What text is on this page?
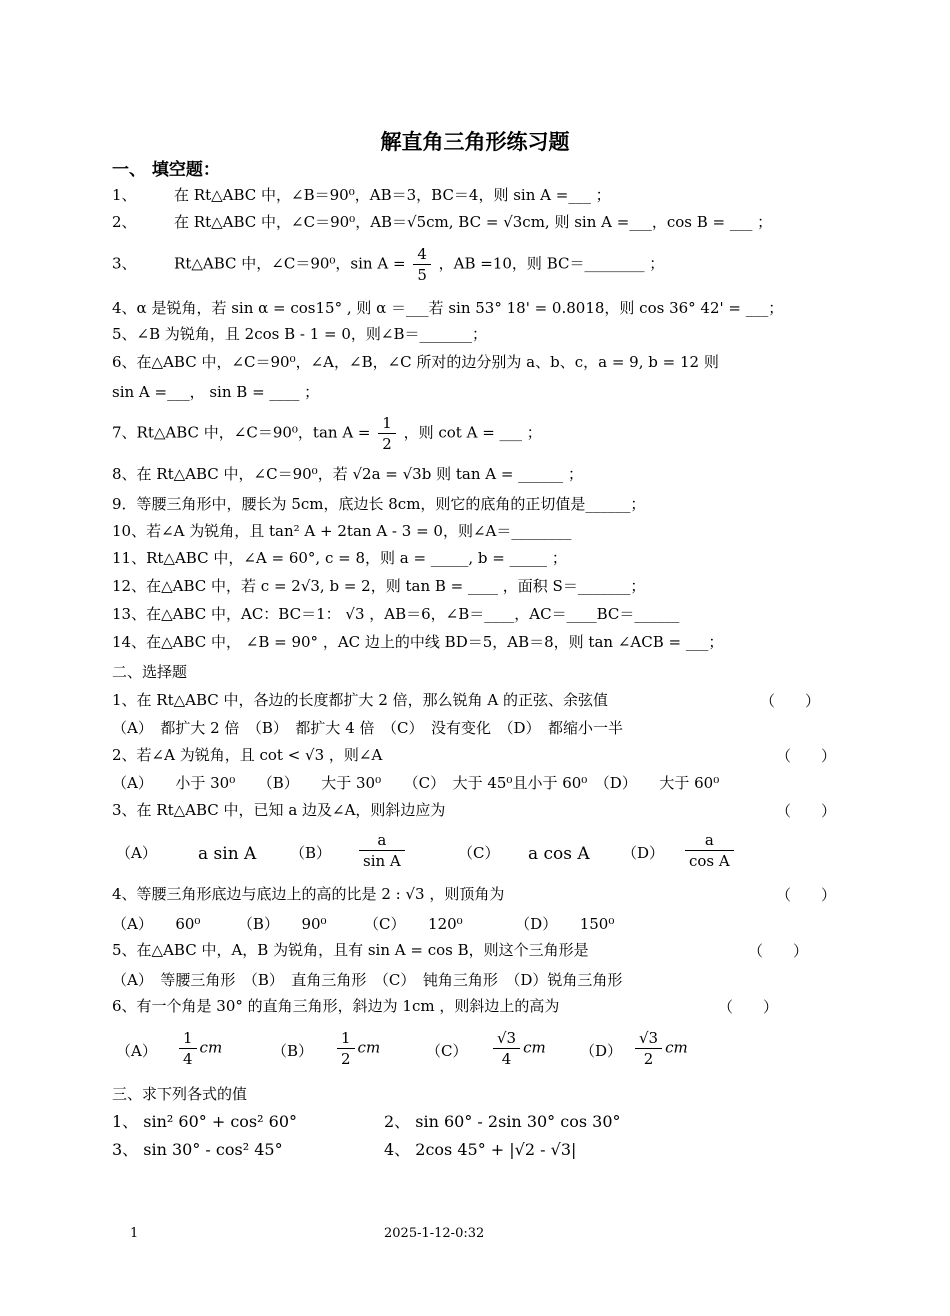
解直角三角形练习题
一、 填空题：
1、　　　在 Rt△ABC 中，∠B＝90⁰，AB＝3，BC＝4，则 sin A =___ ；
2、　　　在 Rt△ABC 中，∠C＝90⁰，AB＝√5cm, BC = √3cm, 则 sin A =___，cos B = ___ ；
3、　　　Rt△ABC 中，∠C＝90⁰，$\sin A = \frac{4}{5}$ ，AB =10，则 BC＝________ ；
4、α 是锐角，若 sin α = cos15° , 则 α ＝___若 sin 53° 18' = 0.8018，则 cos 36° 42' = ___；
5、∠B 为锐角，且 2cos B - 1 = 0，则∠B＝_______；
6、在△ABC 中，∠C＝90⁰，∠A，∠B，∠C 所对的边分别为 a、b、c，a = 9, b = 12 则
sin A =___， sin B = ____ ；
7、Rt△ABC 中，∠C＝90⁰，$\tan A = \frac{1}{2}$ ，则 cot A = ___ ；
8、在 Rt△ABC 中，∠C＝90⁰，若 √2a = √3b 则 tan A = ______ ；
9．等腰三角形中，腰长为 5cm，底边长 8cm，则它的底角的正切值是______；
10、若∠A 为锐角，且 tan² A + 2tan A - 3 = 0，则∠A＝________
11、Rt△ABC 中，∠A = 60°, c = 8，则 a = _____, b = _____ ；
12、在△ABC 中，若 c = 2√3, b = 2，则 tan B = ____ ，面积 S＝_______；
13、在△ABC 中，AC：BC＝1： √3 ，AB＝6，∠B＝____，AC＝____BC＝______
14、在△ABC 中， ∠B = 90° ，AC 边上的中线 BD＝5，AB＝8，则 tan ∠ACB = ___；
二、选择题
1、在 Rt△ABC 中，各边的长度都扩大 2 倍，那么锐角 A 的正弦、余弦值	（　　）
（A）　都扩大 2 倍　（B）　都扩大 4 倍　（C）　没有变化　（D）　都缩小一半
2、若∠A 为锐角，且 cot < √3 ，则∠A	（　　）
（A）　　小于 30⁰　　（B）　　大于 30⁰　　（C）　大于 45⁰且小于 60⁰　（D）　　大于 60⁰
3、在 Rt△ABC 中，已知 a 边及∠A，则斜边应为	（　　）
（A） a sin A $(B) \frac{a}{\text{sin A}}$	（C） a cos A $(D) \frac{a}{\text{cos A}}$
4、等腰三角形底边与底边上的高的比是 2 : √3 ，则顶角为	（　　）
（A）　　60⁰　　　（B）　　90⁰　　　（C）　　120⁰　　　　（D）　　150⁰
5、在△ABC 中，A，B 为锐角，且有 sin A = cos B，则这个三角形是	（　　）
（A）　等腰三角形　（B）　直角三角形　（C）　钝角三角形　（D）锐角三角形
6、有一个角是 30° 的直角三角形，斜边为 1cm ，则斜边上的高为	（　　）
$(A) \frac{1}{4}$ cm	$(B) \frac{1}{2}$ cm	$(C) \frac{√3}{4}$ cm $(D) \frac{√3}{2}$ cm
三、求下列各式的值
1、 sin² 60° + cos² 60°	2、 sin 60° - 2sin 30° cos 30°
3、 sin 30° - cos² 45°	4、 2cos 45° + |√2 - √3|
1	2025-1-12-0:32
